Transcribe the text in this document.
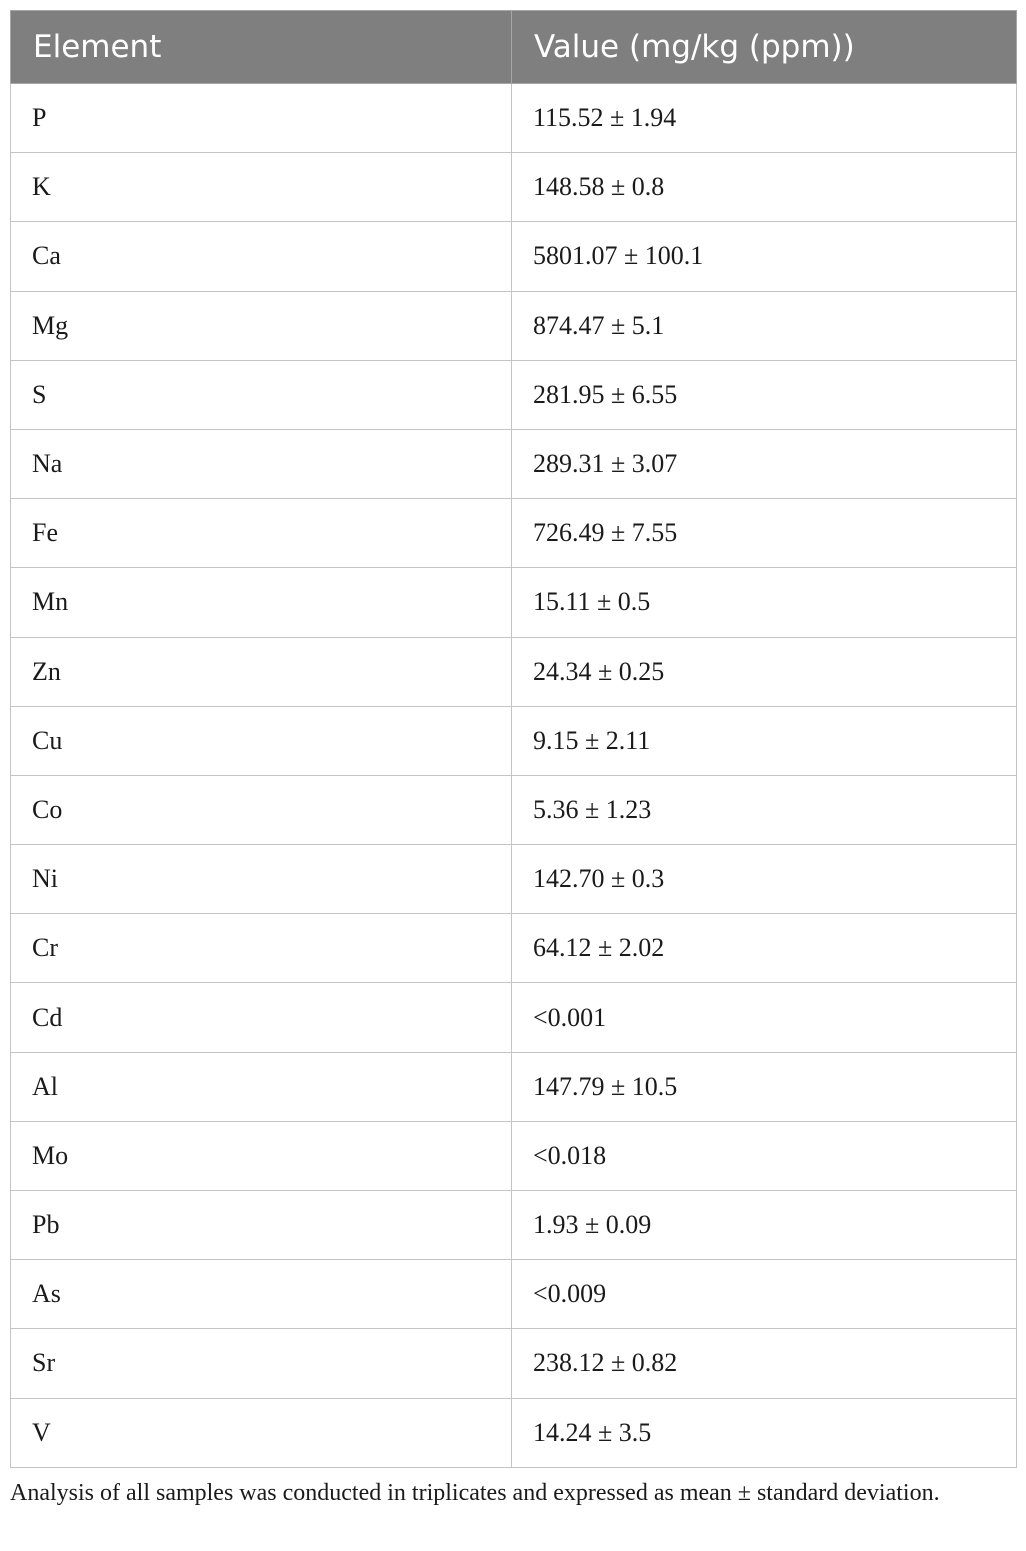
Element	Value (mg/kg (ppm))
P	115.52 ± 1.94
K	148.58 ± 0.8
Ca	5801.07 ± 100.1
Mg	874.47 ± 5.1
S	281.95 ± 6.55
Na	289.31 ± 3.07
Fe	726.49 ± 7.55
Mn	15.11 ± 0.5
Zn	24.34 ± 0.25
Cu	9.15 ± 2.11
Co	5.36 ± 1.23
Ni	142.70 ± 0.3
Cr	64.12 ± 2.02
Cd	<0.001
Al	147.79 ± 10.5
Mo	<0.018
Pb	1.93 ± 0.09
As	<0.009
Sr	238.12 ± 0.82
V	14.24 ± 3.5

Analysis of all samples was conducted in triplicates and expressed as mean ± standard deviation.
